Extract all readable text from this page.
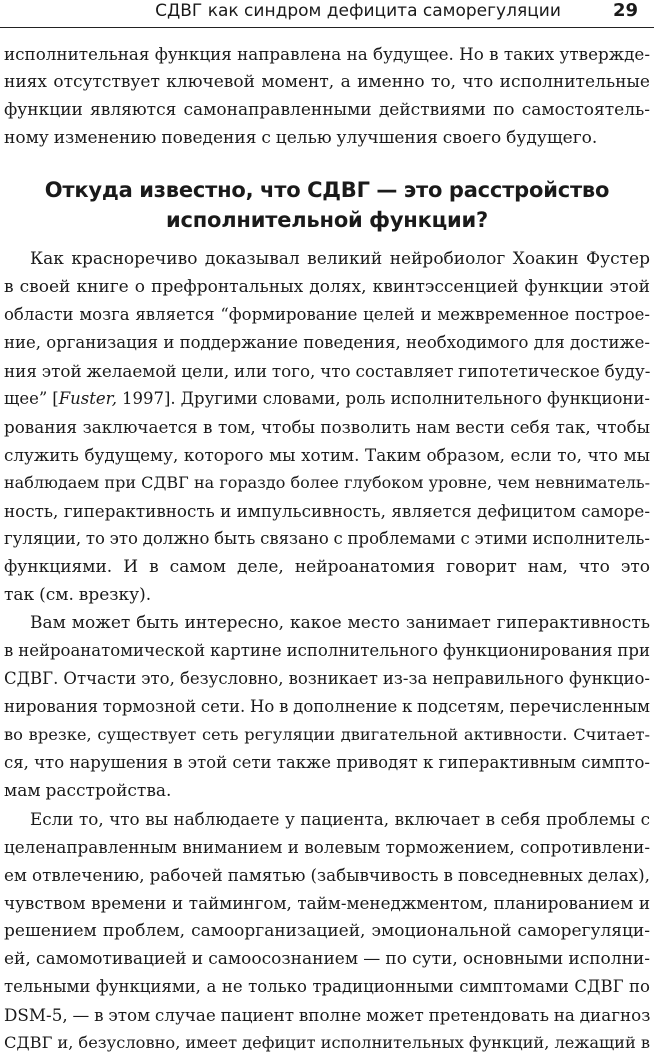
СДВГ как синдром дефицита саморегуляции	29
исполнительная функция направлена на будущее. Но в таких утвержде-
ниях отсутствует ключевой момент, а именно то, что исполнительные
функции являются самонаправленными действиями по самостоятель-
ному изменению поведения с целью улучшения своего будущего.
Откуда известно, что СДВГ — это расстройство
исполнительной функции?
Как красноречиво доказывал великий нейробиолог Хоакин Фустер
в своей книге о префронтальных долях, квинтэссенцией функции этой
области мозга является “формирование целей и межвременное построе-
ние, организация и поддержание поведения, необходимого для достиже-
ния этой желаемой цели, или того, что составляет гипотетическое буду-
щее” [Fuster, 1997]. Другими словами, роль исполнительного функциони-
рования заключается в том, чтобы позволить нам вести себя так, чтобы
служить будущему, которого мы хотим. Таким образом, если то, что мы
наблюдаем при СДВГ на гораздо более глубоком уровне, чем невниматель-
ность, гиперактивность и импульсивность, является дефицитом саморе-
гуляции, то это должно быть связано с проблемами с этими исполнитель-
функциями. И в самом деле, нейроанатомия говорит нам, что это
так (см. врезку).
Вам может быть интересно, какое место занимает гиперактивность
в нейроанатомической картине исполнительного функционирования при
СДВГ. Отчасти это, безусловно, возникает из-за неправильного функцио-
нирования тормозной сети. Но в дополнение к подсетям, перечисленным
во врезке, существует сеть регуляции двигательной активности. Считает-
ся, что нарушения в этой сети также приводят к гиперактивным симпто-
мам расстройства.
Если то, что вы наблюдаете у пациента, включает в себя проблемы с
целенаправленным вниманием и волевым торможением, сопротивлени-
ем отвлечению, рабочей памятью (забывчивость в повседневных делах),
чувством времени и таймингом, тайм-менеджментом, планированием и
решением проблем, самоорганизацией, эмоциональной саморегуляци-
ей, самомотивацией и самоосознанием — по сути, основными исполни-
тельными функциями, а не только традиционными симптомами СДВГ по
DSM-5, — в этом случае пациент вполне может претендовать на диагноз
СДВГ и, безусловно, имеет дефицит исполнительных функций, лежащий в
